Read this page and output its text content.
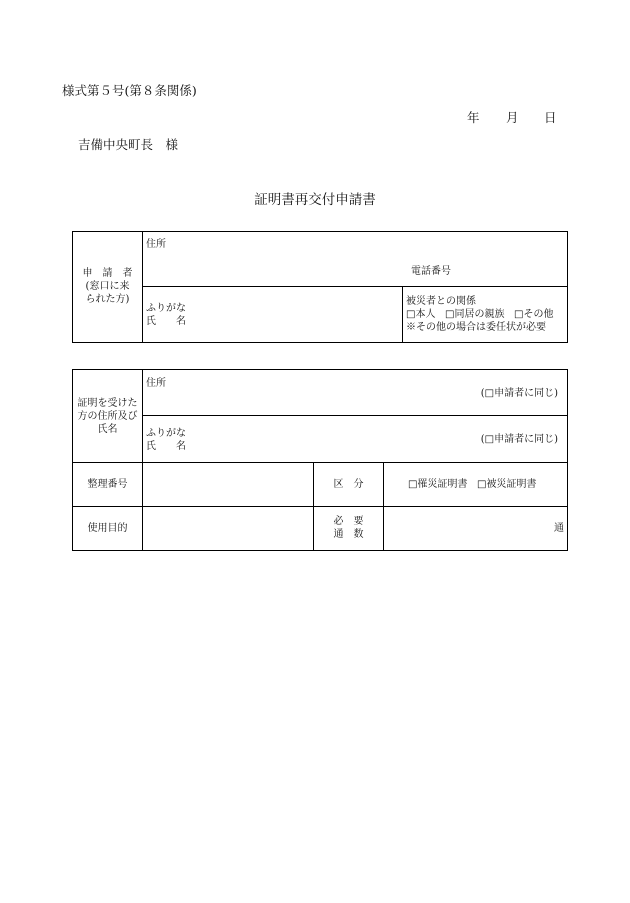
様式第５号(第８条関係)
年 月 日
吉備中央町長　様
証明書再交付申請書
申　請　者
(窓口に来
られた方)
住所
電話番号
ふりがな
氏　　名
被災者との関係
□ 本人 □ 同居の親族 □ その他
※その他の場合は委任状が必要
証明を受けた
方の住所及び
氏名
住所
(□申請者に同じ)
ふりがな
氏　　名
(□申請者に同じ)
整理番号	区　分	□ 罹災証明書 □ 被災証明書
使用目的
必　要
通　数
通
